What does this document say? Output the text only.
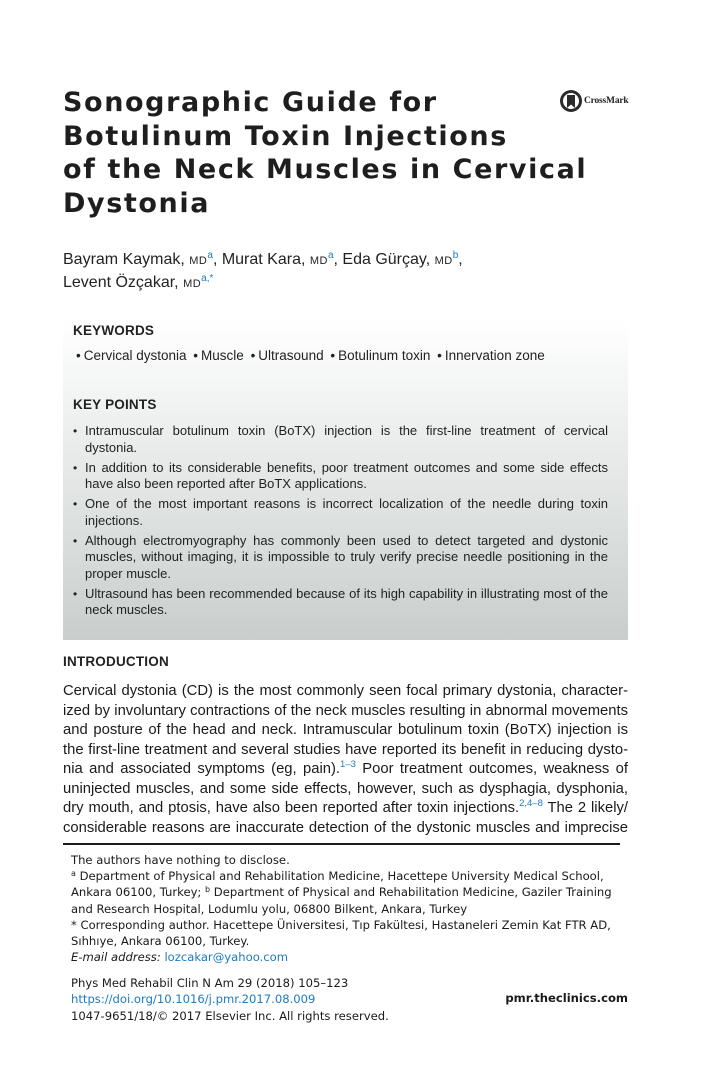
Sonographic Guide for
Botulinum Toxin Injections
of the Neck Muscles in Cervical
Dystonia
CrossMark
Bayram Kaymak, $MD^a$, Murat Kara, $MD^a$, Eda Gürçay, $MD^b$,
Levent Özçakar, $MD^{a,*}$
KEYWORDS
• Cervical dystonia • Muscle • Ultrasound • Botulinum toxin • Innervation zone
KEY POINTS
• Intramuscular botulinum toxin (BoTX) injection is the first-line treatment of cervical dystonia.
• In addition to its considerable benefits, poor treatment outcomes and some side effects have also been reported after BoTX applications.
• One of the most important reasons is incorrect localization of the needle during toxin injections.
• Although electromyography has commonly been used to detect targeted and dystonic muscles, without imaging, it is impossible to truly verify precise needle positioning in the proper muscle.
• Ultrasound has been recommended because of its high capability in illustrating most of the neck muscles.
INTRODUCTION
Cervical dystonia (CD) is the most commonly seen focal primary dystonia, character-
ized by involuntary contractions of the neck muscles resulting in abnormal movements
and posture of the head and neck. Intramuscular botulinum toxin (BoTX) injection is
the first-line treatment and several studies have reported its benefit in reducing dysto-
nia and associated symptoms (eg, pain).$^{1-3}$ Poor treatment outcomes, weakness of
uninjected muscles, and some side effects, however, such as dysphagia, dysphonia,
dry mouth, and ptosis, have also been reported after toxin injections.$^{2,4-8}$ The 2 likely/
considerable reasons are inaccurate detection of the dystonic muscles and imprecise
The authors have nothing to disclose.
$^a$ Department of Physical and Rehabilitation Medicine, Hacettepe University Medical School,
Ankara 06100, Turkey; $^b$ Department of Physical and Rehabilitation Medicine, Gaziler Training
and Research Hospital, Lodumlu yolu, 06800 Bilkent, Ankara, Turkey
* Corresponding author. Hacettepe Üniversitesi, Tıp Fakültesi, Hastaneleri Zemin Kat FTR AD,
Sıhhıye, Ankara 06100, Turkey.
E-mail address: lozcakar@yahoo.com
Phys Med Rehabil Clin N Am 29 (2018) 105–123
https://doi.org/10.1016/j.pmr.2017.08.009
1047-9651/18/© 2017 Elsevier Inc. All rights reserved.
pmr.theclinics.com
